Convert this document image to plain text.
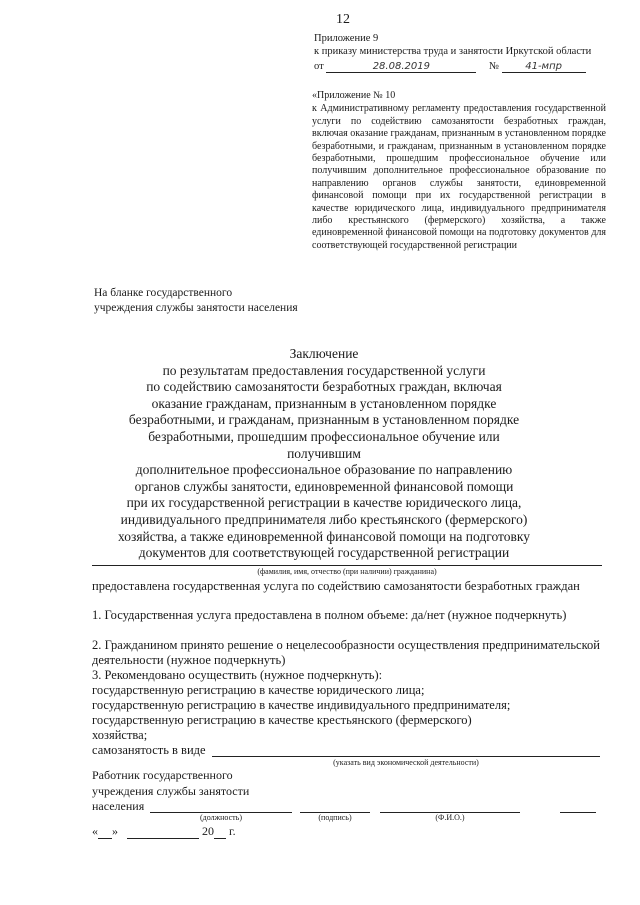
12
Приложение 9
к приказу министерства труда и занятости Иркутской области
от	28.08.2019	№	41-мпр
«Приложение № 10
к Административному регламенту предоставления государственной услуги по содействию самозанятости безработных граждан, включая оказание гражданам, признанным в установленном порядке безработными, и гражданам, признанным в установленном порядке безработными, прошедшим профессиональное обучение или получившим дополнительное профессиональное образование по направлению органов службы занятости, единовременной финансовой помощи при их государственной регистрации в качестве юридического лица, индивидуального предпринимателя либо крестьянского (фермерского) хозяйства, а также единовременной финансовой помощи на подготовку документов для соответствующей государственной регистрации
На бланке государственного
учреждения службы занятости населения
Заключение
по результатам предоставления государственной услуги
по содействию самозанятости безработных граждан, включая
оказание гражданам, признанным в установленном порядке
безработными, и гражданам, признанным в установленном порядке
безработными, прошедшим профессиональное обучение или получившим
дополнительное профессиональное образование по направлению
органов службы занятости, единовременной финансовой помощи
при их государственной регистрации в качестве юридического лица,
индивидуального предпринимателя либо крестьянского (фермерского)
хозяйства, а также единовременной финансовой помощи на подготовку
документов для соответствующей государственной регистрации
(фамилия, имя, отчество (при наличии) гражданина)
предоставлена государственная услуга по содействию самозанятости безработных граждан
1. Государственная услуга предоставлена в полном объеме: да/нет (нужное подчеркнуть)
2. Гражданином принято решение о нецелесообразности осуществления предпринимательской деятельности (нужное подчеркнуть)
3. Рекомендовано осуществить (нужное подчеркнуть):
государственную регистрацию в качестве юридического лица;
государственную регистрацию в качестве индивидуального предпринимателя;
государственную регистрацию в качестве крестьянского (фермерского)
хозяйства;
самозанятость в виде
(указать вид экономической деятельности)
Работник государственного
учреждения службы занятости
населения
(должность)	(подпись)	(Ф.И.О.)
« »	20 г.
